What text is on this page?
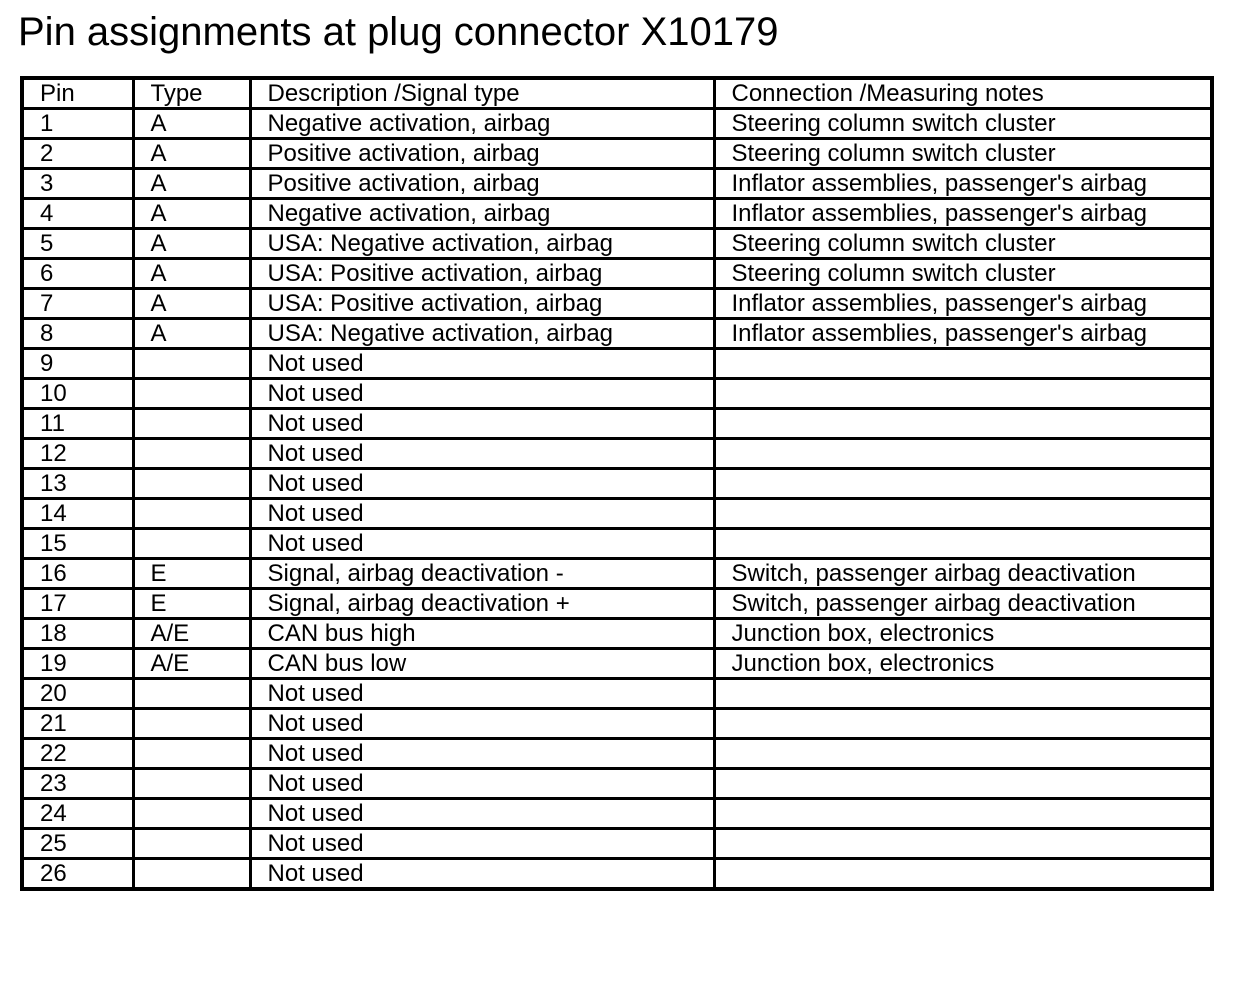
Pin assignments at plug connector X10179
Pin	Type	Description /Signal type	Connection /Measuring notes
1	A	Negative activation, airbag	Steering column switch cluster
2	A	Positive activation, airbag	Steering column switch cluster
3	A	Positive activation, airbag	Inflator assemblies, passenger's airbag
4	A	Negative activation, airbag	Inflator assemblies, passenger's airbag
5	A	USA: Negative activation, airbag	Steering column switch cluster
6	A	USA: Positive activation, airbag	Steering column switch cluster
7	A	USA: Positive activation, airbag	Inflator assemblies, passenger's airbag
8	A	USA: Negative activation, airbag	Inflator assemblies, passenger's airbag
9		Not used	
10		Not used	
11		Not used	
12		Not used	
13		Not used	
14		Not used	
15		Not used	
16	E	Signal, airbag deactivation -	Switch, passenger airbag deactivation
17	E	Signal, airbag deactivation +	Switch, passenger airbag deactivation
18	A/E	CAN bus high	Junction box, electronics
19	A/E	CAN bus low	Junction box, electronics
20		Not used	
21		Not used	
22		Not used	
23		Not used	
24		Not used	
25		Not used	
26		Not used	
